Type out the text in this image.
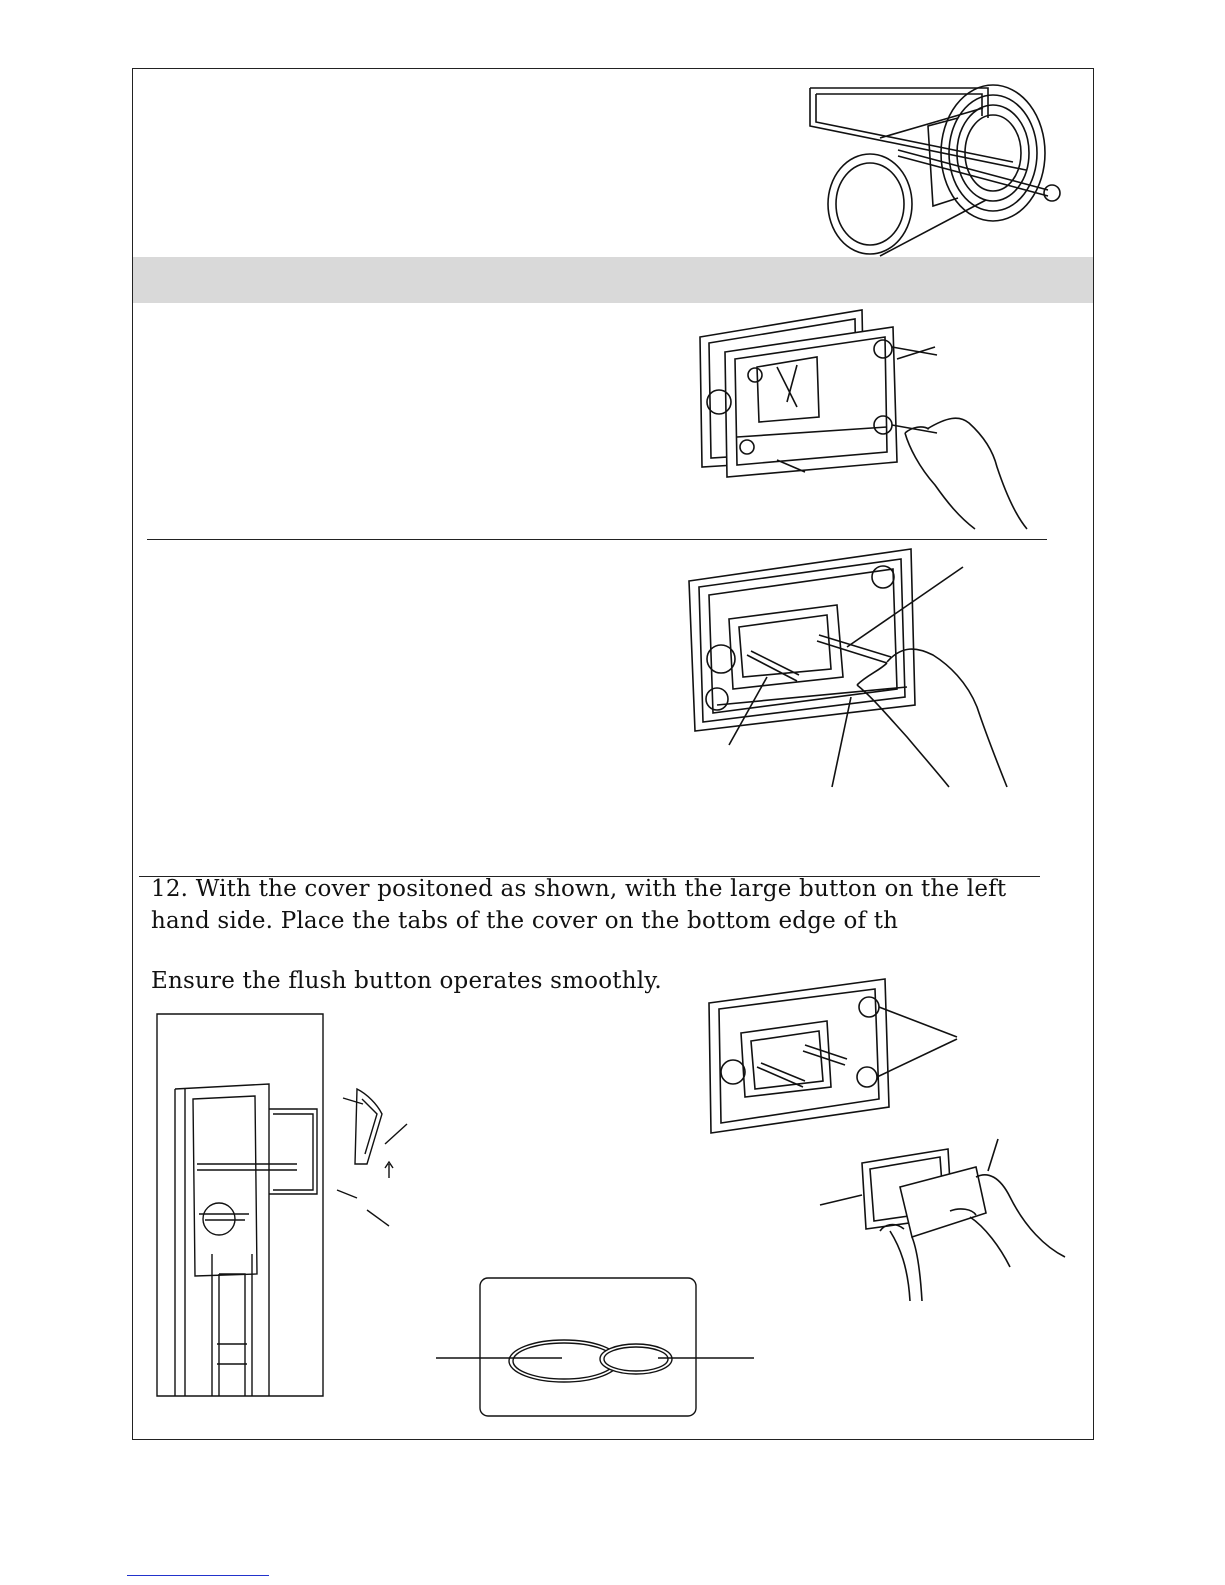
12. With the cover positoned as shown, with the large button on the left
hand side. Place the tabs of the cover on the bottom edge of th
Ensure the flush button operates smoothly.
